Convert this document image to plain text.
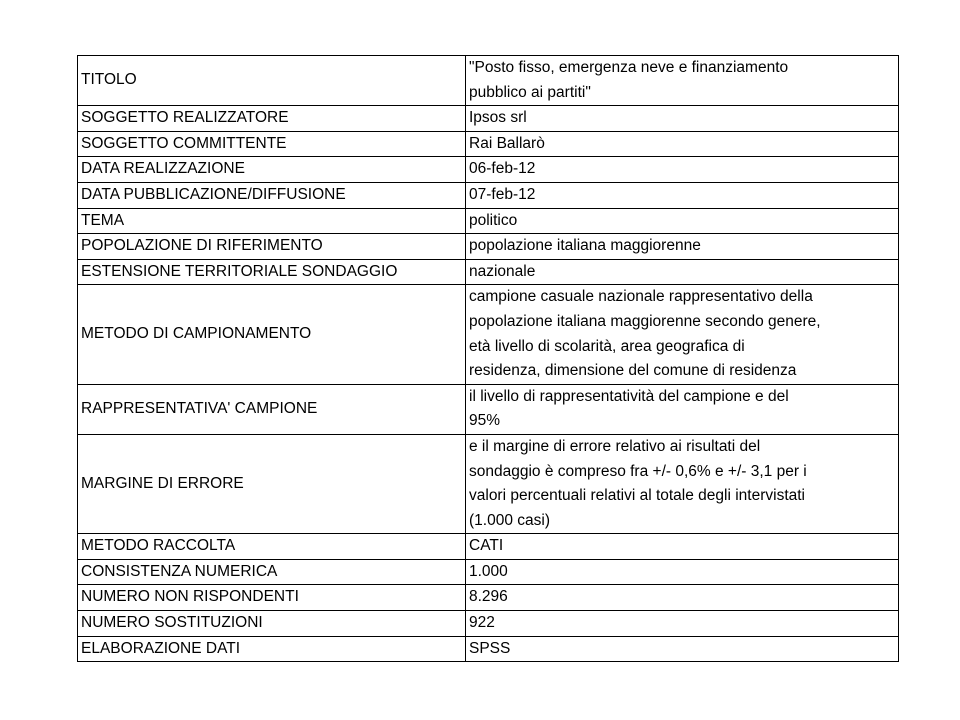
TITOLO	"Posto fisso, emergenza neve e finanziamento
pubblico ai partiti"

SOGGETTO REALIZZATORE	Ipsos srl

SOGGETTO COMMITTENTE	Rai Ballarò

DATA REALIZZAZIONE	06-feb-12

DATA PUBBLICAZIONE/DIFFUSIONE	07-feb-12

TEMA	politico

POPOLAZIONE DI RIFERIMENTO	popolazione italiana maggiorenne

ESTENSIONE TERRITORIALE SONDAGGIO	nazionale

METODO DI CAMPIONAMENTO	campione casuale nazionale rappresentativo della
popolazione italiana maggiorenne secondo genere,
età livello di scolarità, area geografica di
residenza, dimensione del comune di residenza

RAPPRESENTATIVA' CAMPIONE	il livello di rappresentatività del campione e del
95%

MARGINE DI ERRORE	e il margine di errore relativo ai risultati del
sondaggio è compreso fra +/- 0,6% e +/- 3,1 per i
valori percentuali relativi al totale degli intervistati
(1.000 casi)

METODO RACCOLTA	CATI

CONSISTENZA NUMERICA	1.000

NUMERO NON RISPONDENTI	8.296

NUMERO SOSTITUZIONI	922

ELABORAZIONE DATI	SPSS
